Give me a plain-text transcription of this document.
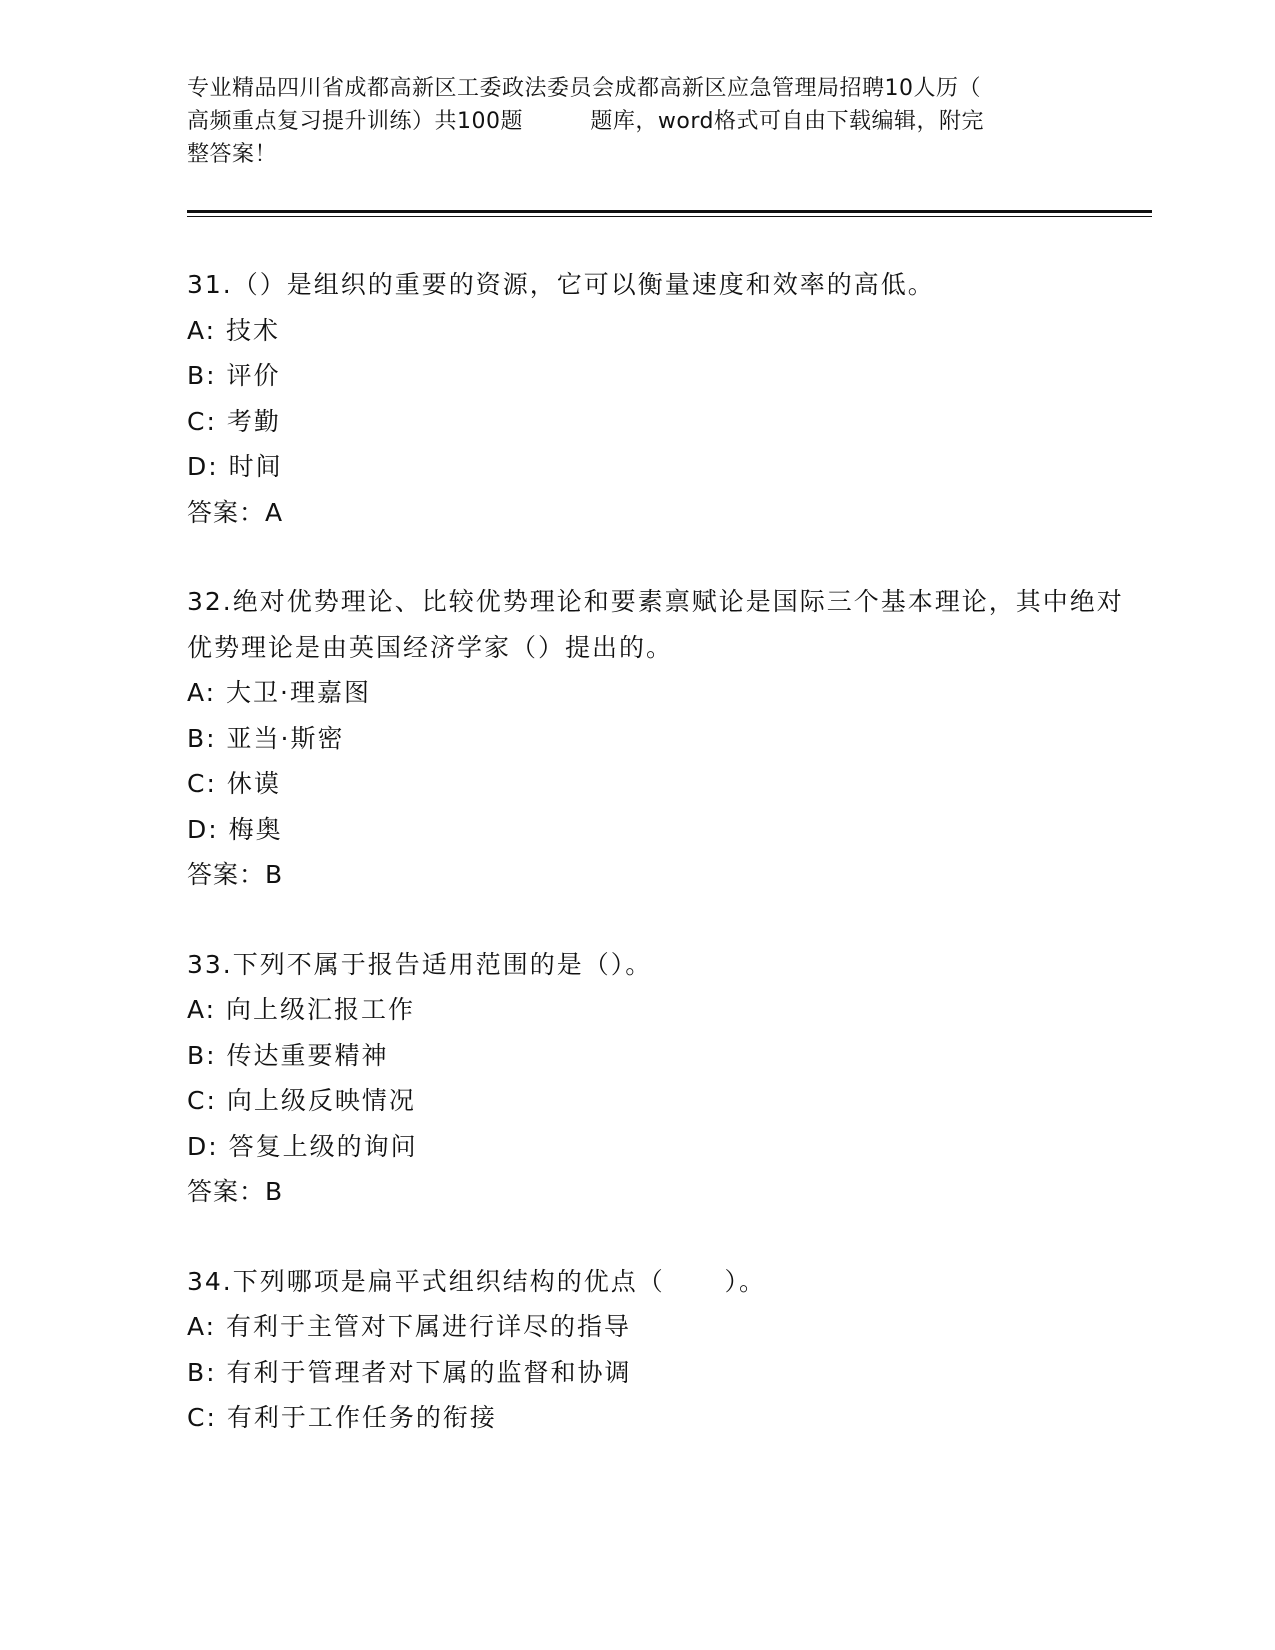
专业精品四川省成都高新区工委政法委员会成都高新区应急管理局招聘10人历（
高频重点复习提升训练）共100题         题库，word格式可自由下载编辑，附完
整答案！
31.（）是组织的重要的资源，它可以衡量速度和效率的高低。
A: 技术
B: 评价
C: 考勤
D: 时间
答案：A
32.绝对优势理论、比较优势理论和要素禀赋论是国际三个基本理论，其中绝对优势理论是由英国经济学家（）提出的。
A: 大卫·理嘉图
B: 亚当·斯密
C: 休谟
D: 梅奥
答案：B
33.下列不属于报告适用范围的是（）。
A: 向上级汇报工作
B: 传达重要精神
C: 向上级反映情况
D: 答复上级的询问
答案：B
34.下列哪项是扁平式组织结构的优点（      ）。
A: 有利于主管对下属进行详尽的指导
B: 有利于管理者对下属的监督和协调
C: 有利于工作任务的衔接
